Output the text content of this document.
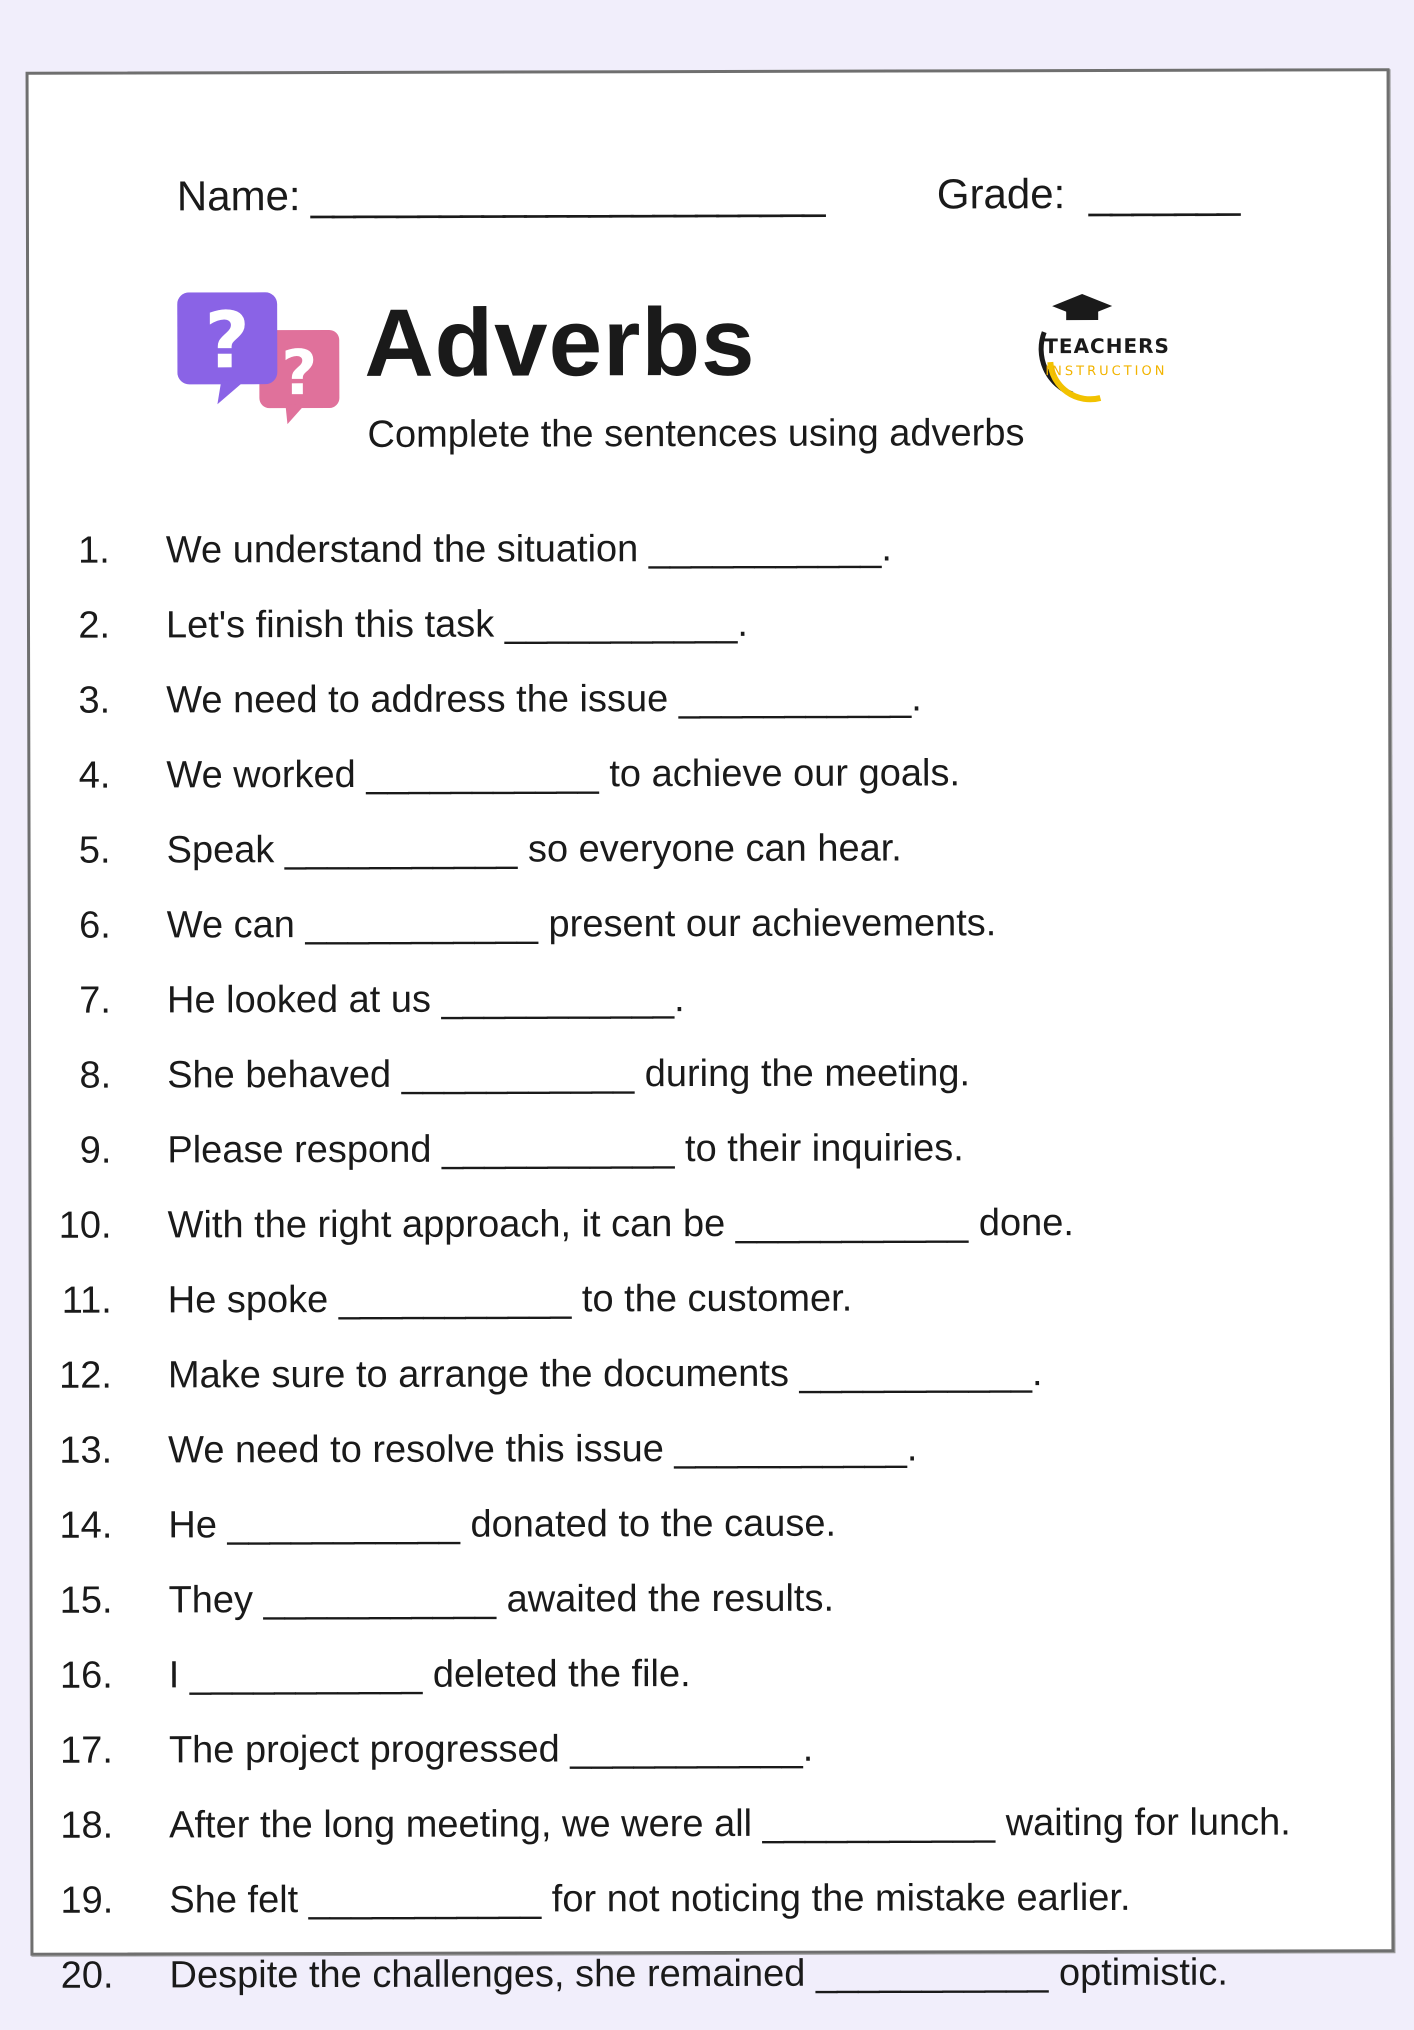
Name: ________________________	Grade: _______
?
? Adverbs
Complete the sentences using adverbs
TEACHERS
INSTRUCTION
1. We understand the situation ___________.
2. Let's finish this task ___________.
3. We need to address the issue ___________.
4. We worked ___________ to achieve our goals.
5. Speak ___________ so everyone can hear.
6. We can ___________ present our achievements.
7. He looked at us ___________.
8. She behaved ___________ during the meeting.
9. Please respond ___________ to their inquiries.
10. With the right approach, it can be ___________ done.
11. He spoke ___________ to the customer.
12. Make sure to arrange the documents ___________.
13. We need to resolve this issue ___________.
14. He ___________ donated to the cause.
15. They ___________ awaited the results.
16. I ___________ deleted the file.
17. The project progressed ___________.
18. After the long meeting, we were all ___________ waiting for lunch.
19. She felt ___________ for not noticing the mistake earlier.
20. Despite the challenges, she remained ___________ optimistic.
